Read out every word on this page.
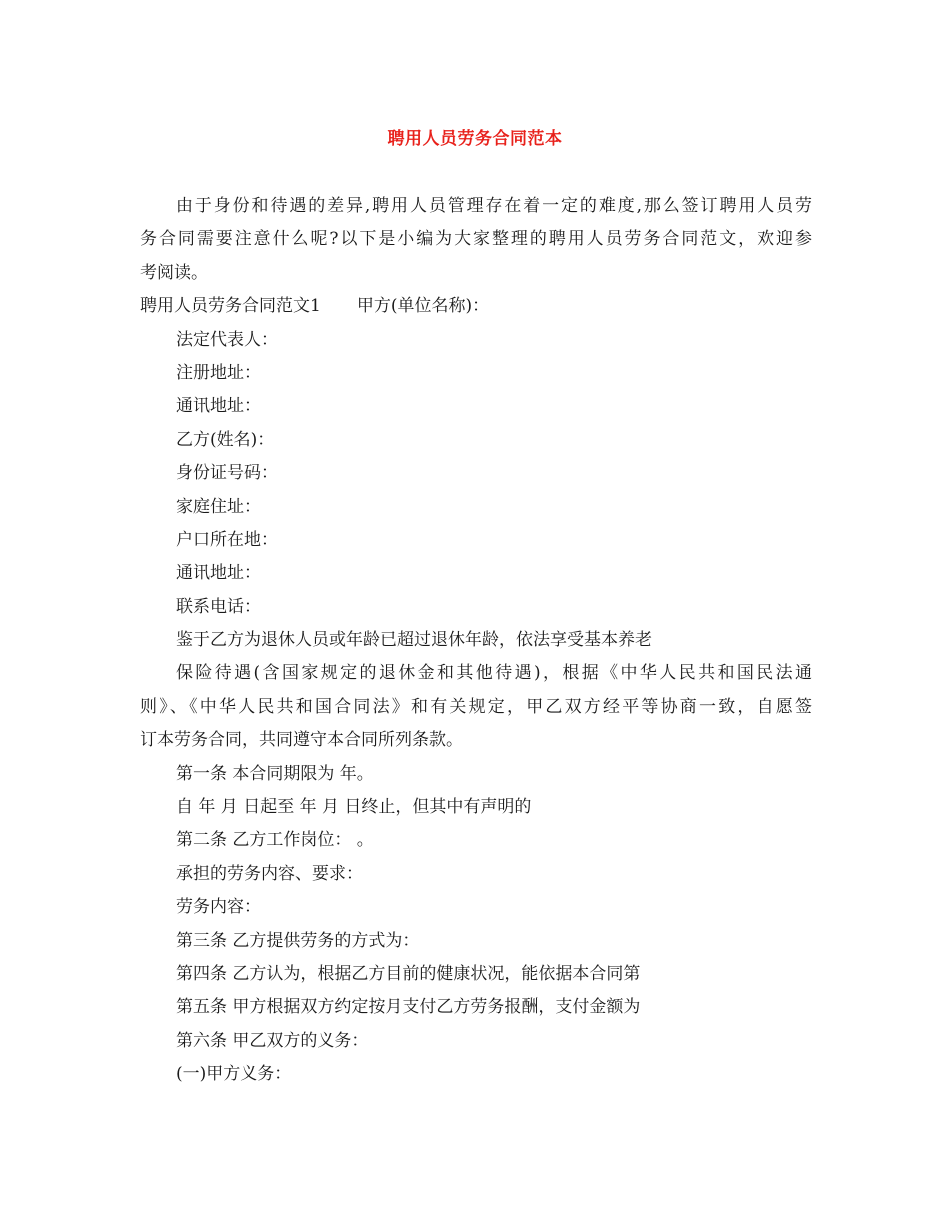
聘用人员劳务合同范本
由于身份和待遇的差异,聘用人员管理存在着一定的难度,那么签订聘用人员劳
务合同需要注意什么呢?以下是小编为大家整理的聘用人员劳务合同范文，欢迎参
考阅读。
聘用人员劳务合同范文1 甲方(单位名称)：
法定代表人：
注册地址：
通讯地址：
乙方(姓名)：
身份证号码：
家庭住址：
户口所在地：
通讯地址：
联系电话：
鉴于乙方为退休人员或年龄已超过退休年龄，依法享受基本养老
保险待遇(含国家规定的退休金和其他待遇)，根据《中华人民共和国民法通
则》、《中华人民共和国合同法》和有关规定，甲乙双方经平等协商一致，自愿签
订本劳务合同，共同遵守本合同所列条款。
第一条 本合同期限为 年。
自 年 月 日起至 年 月 日终止，但其中有声明的
第二条 乙方工作岗位： 。
承担的劳务内容、要求：
劳务内容：
第三条 乙方提供劳务的方式为：
第四条 乙方认为，根据乙方目前的健康状况，能依据本合同第
第五条 甲方根据双方约定按月支付乙方劳务报酬，支付金额为
第六条 甲乙双方的义务：
(一)甲方义务：
